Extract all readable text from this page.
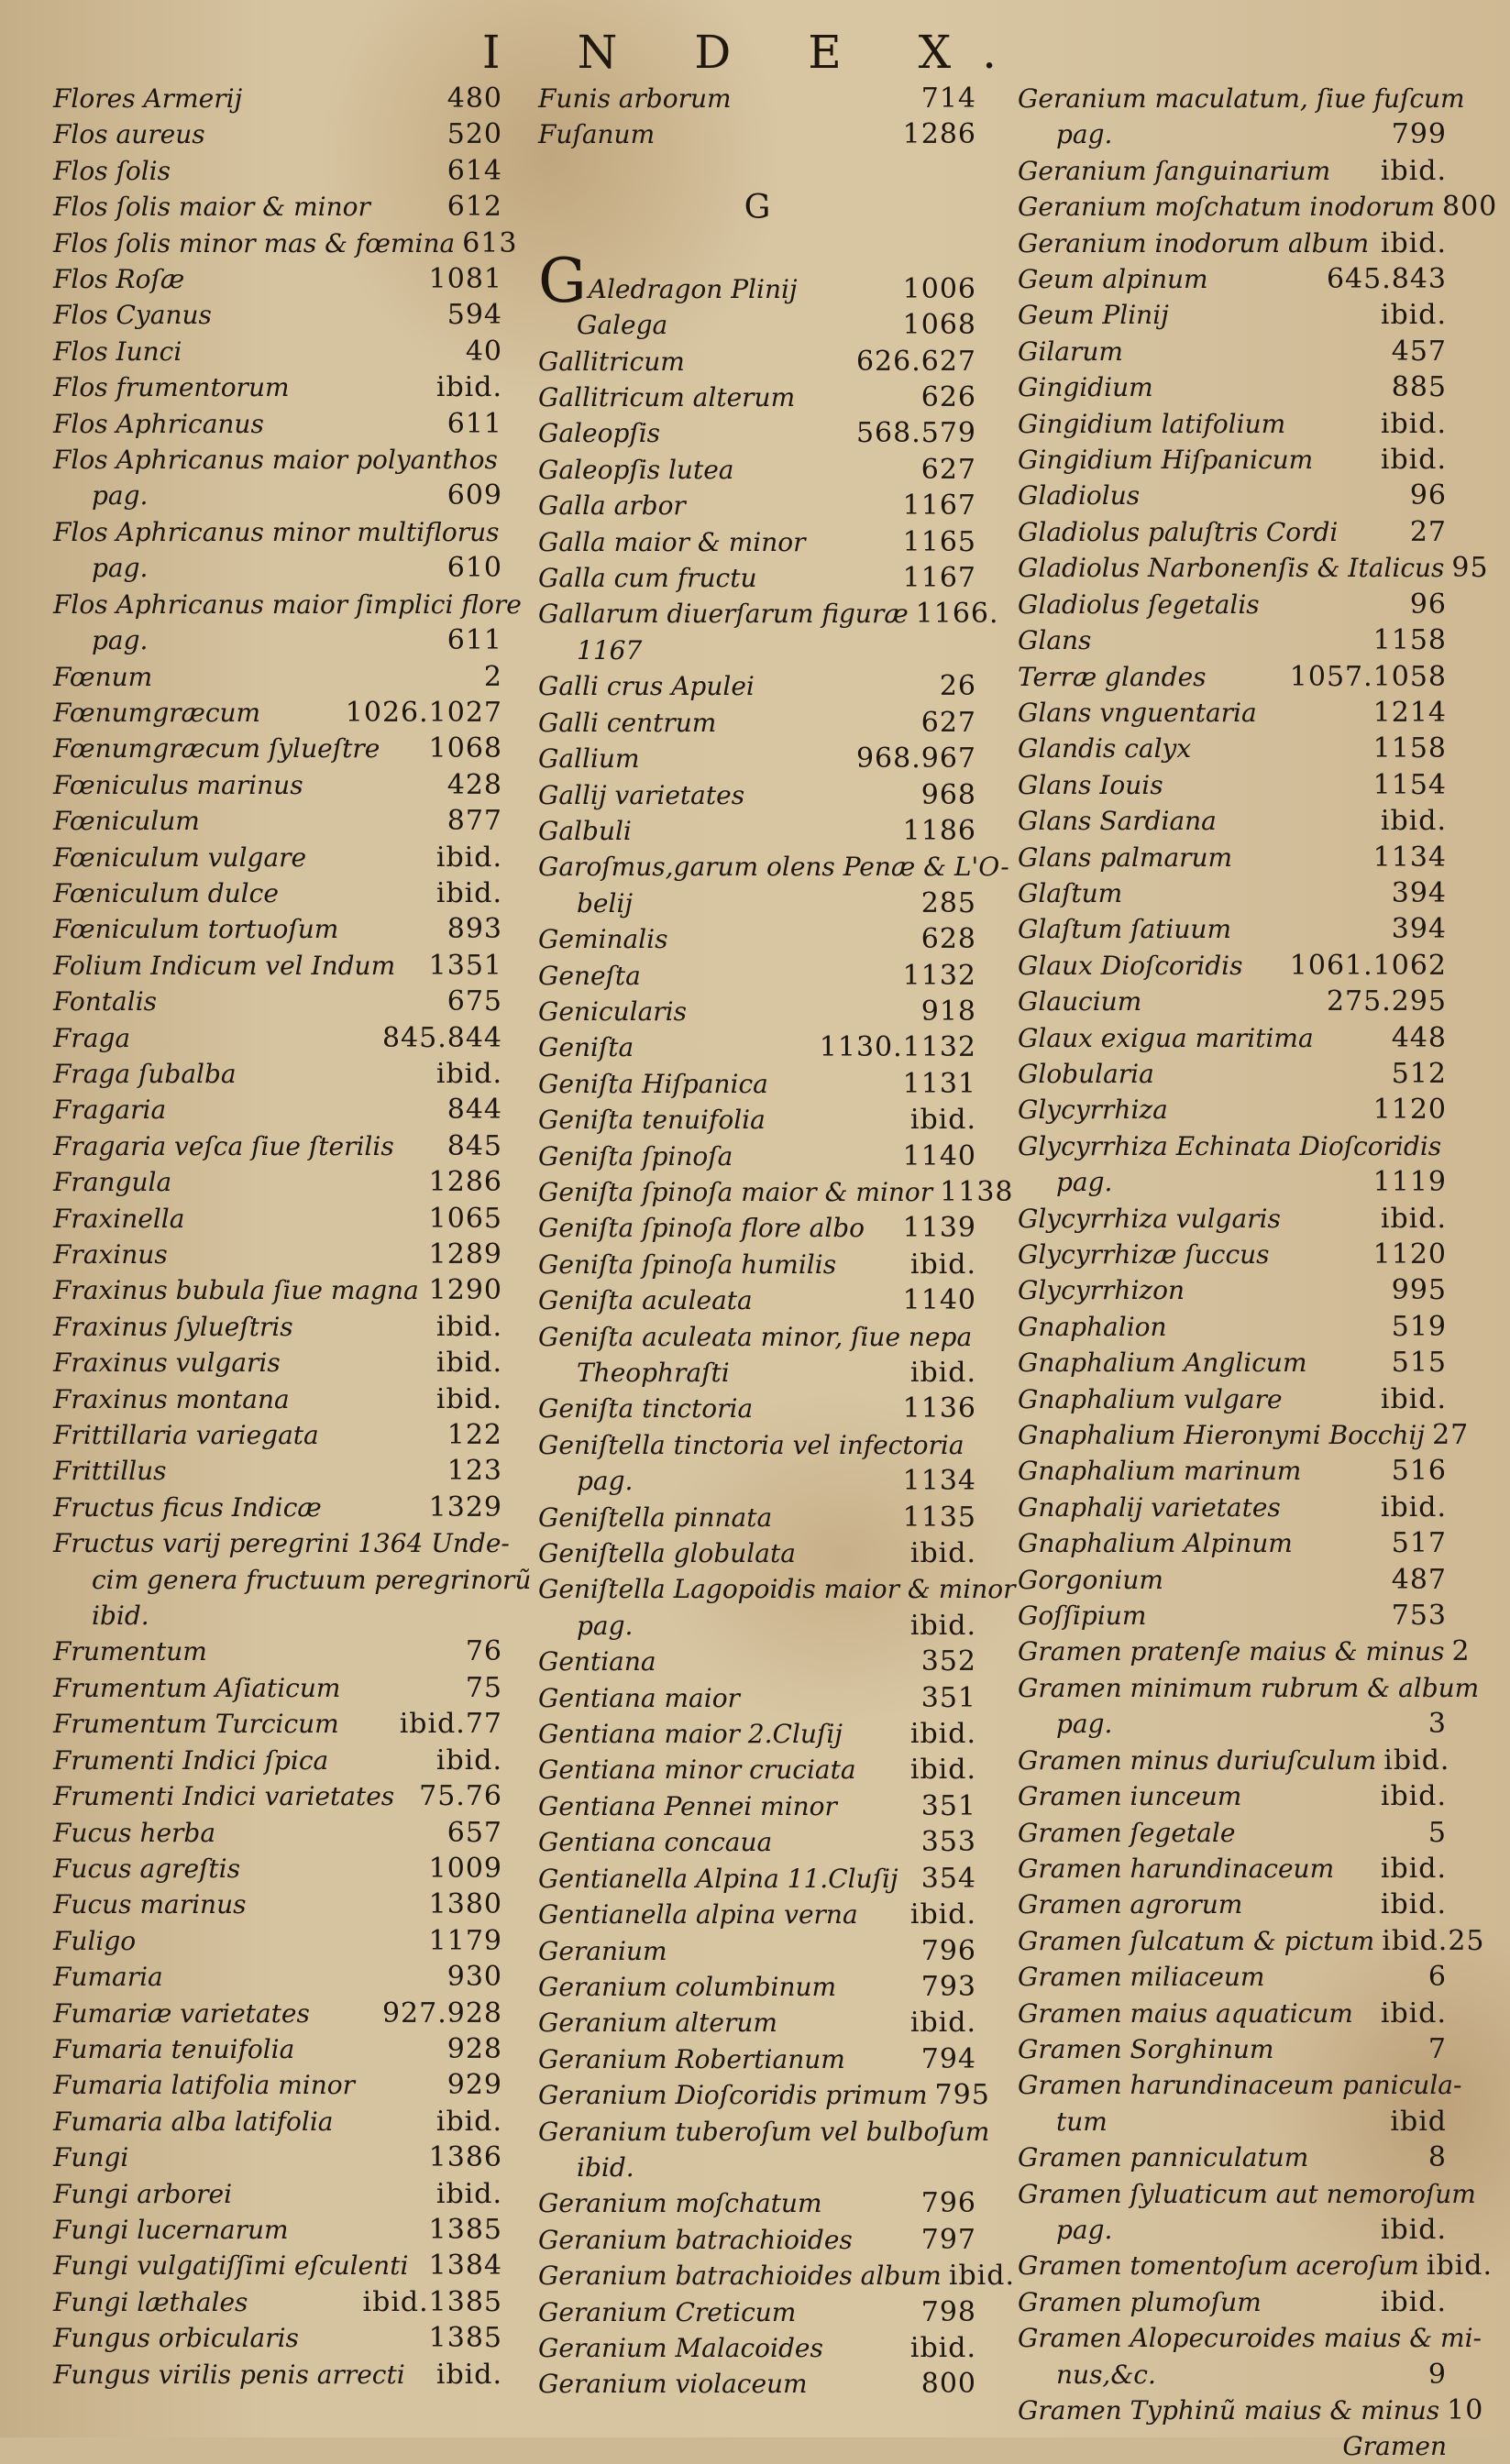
I N D E X.
Flores Armerij	480
Flos aureus	520
Flos ſolis	614
Flos ſolis maior & minor	612
Flos ſolis minor mas & fœmina 613
Flos Roſæ	1081
Flos Cyanus	594
Flos Iunci	40
Flos frumentorum	ibid.
Flos Aphricanus	611
Flos Aphricanus maior polyanthos
pag.	609
Flos Aphricanus minor multiflorus
pag.	610
Flos Aphricanus maior ſimplici flore
pag.	611
Fœnum	2
Fœnumgræcum	1026.1027
Fœnumgræcum ſylueſtre	1068
Fœniculus marinus	428
Fœniculum	877
Fœniculum vulgare	ibid.
Fœniculum dulce	ibid.
Fœniculum tortuoſum	893
Folium Indicum vel Indum	1351
Fontalis	675
Fraga	845.844
Fraga ſubalba	ibid.
Fragaria	844
Fragaria veſca ſiue ſterilis	845
Frangula	1286
Fraxinella	1065
Fraxinus	1289
Fraxinus bubula ſiue magna 1290
Fraxinus ſylueſtris	ibid.
Fraxinus vulgaris	ibid.
Fraxinus montana	ibid.
Frittillaria variegata	122
Frittillus	123
Fructus ficus Indicæ	1329
Fructus varij peregrini 1364 Unde-
cim genera fructuum peregrinorũ
ibid.
Frumentum	76
Frumentum Aſiaticum	75
Frumentum Turcicum	ibid.77
Frumenti Indici ſpica	ibid.
Frumenti Indici varietates 75.76
Fucus herba	657
Fucus agreſtis	1009
Fucus marinus	1380
Fuligo	1179
Fumaria	930
Fumariæ varietates	927.928
Fumaria tenuifolia	928
Fumaria latifolia minor	929
Fumaria alba latifolia	ibid.
Fungi	1386
Fungi arborei	ibid.
Fungi lucernarum	1385
Fungi vulgatiſſimi eſculenti 1384
Fungi læthales	ibid.1385
Fungus orbicularis	1385
Fungus virilis penis arrecti	ibid.
Funis arborum	714
Fuſanum	1286
G
GAledragon Plinij	1006
Galega	1068
Gallitricum	626.627
Gallitricum alterum	626
Galeopſis	568.579
Galeopſis lutea	627
Galla arbor	1167
Galla maior & minor	1165
Galla cum fructu	1167
Gallarum diuerſarum figuræ 1166.
1167
Galli crus Apulei	26
Galli centrum	627
Gallium	968.967
Gallij varietates	968
Galbuli	1186
Garoſmus,garum olens Penæ & L'O-
belij	285
Geminalis	628
Geneſta	1132
Genicularis	918
Geniſta	1130.1132
Geniſta Hiſpanica	1131
Geniſta tenuifolia	ibid.
Geniſta ſpinoſa	1140
Geniſta ſpinoſa maior & minor 1138
Geniſta ſpinoſa flore albo	1139
Geniſta ſpinoſa humilis	ibid.
Geniſta aculeata	1140
Geniſta aculeata minor, ſiue nepa
Theophraſti	ibid.
Geniſta tinctoria	1136
Geniſtella tinctoria vel infectoria
pag.	1134
Geniſtella pinnata	1135
Geniſtella globulata	ibid.
Geniſtella Lagopoidis maior & minor
pag.	ibid.
Gentiana	352
Gentiana maior	351
Gentiana maior 2.Cluſij	ibid.
Gentiana minor cruciata	ibid.
Gentiana Pennei minor	351
Gentiana concaua	353
Gentianella Alpina 11.Cluſij 354
Gentianella alpina verna	ibid.
Geranium	796
Geranium columbinum	793
Geranium alterum	ibid.
Geranium Robertianum	794
Geranium Dioſcoridis primum 795
Geranium tuberoſum vel bulboſum
ibid.
Geranium moſchatum	796
Geranium batrachioides	797
Geranium batrachioides album ibid.
Geranium Creticum	798
Geranium Malacoides	ibid.
Geranium violaceum	800
Geranium maculatum, ſiue fuſcum
pag.	799
Geranium ſanguinarium	ibid.
Geranium moſchatum inodorum 800
Geranium inodorum album ibid.
Geum alpinum	645.843
Geum Plinij	ibid.
Gilarum	457
Gingidium	885
Gingidium latifolium	ibid.
Gingidium Hiſpanicum	ibid.
Gladiolus	96
Gladiolus paluſtris Cordi	27
Gladiolus Narbonenſis & Italicus 95
Gladiolus ſegetalis	96
Glans	1158
Terræ glandes	1057.1058
Glans vnguentaria	1214
Glandis calyx	1158
Glans Iouis	1154
Glans Sardiana	ibid.
Glans palmarum	1134
Glaſtum	394
Glaſtum ſatiuum	394
Glaux Dioſcoridis	1061.1062
Glaucium	275.295
Glaux exigua maritima	448
Globularia	512
Glycyrrhiza	1120
Glycyrrhiza Echinata Dioſcoridis
pag.	1119
Glycyrrhiza vulgaris	ibid.
Glycyrrhizæ ſuccus	1120
Glycyrrhizon	995
Gnaphalion	519
Gnaphalium Anglicum	515
Gnaphalium vulgare	ibid.
Gnaphalium Hieronymi Bocchij 27
Gnaphalium marinum	516
Gnaphalij varietates	ibid.
Gnaphalium Alpinum	517
Gorgonium	487
Goſſipium	753
Gramen pratenſe maius & minus 2
Gramen minimum rubrum & album
pag.	3
Gramen minus duriuſculum ibid.
Gramen iunceum	ibid.
Gramen ſegetale	5
Gramen harundinaceum	ibid.
Gramen agrorum	ibid.
Gramen ſulcatum & pictum ibid.25
Gramen miliaceum	6
Gramen maius aquaticum	ibid.
Gramen Sorghinum	7
Gramen harundinaceum panicula-
tum	ibid
Gramen panniculatum	8
Gramen ſyluaticum aut nemoroſum
pag.	ibid.
Gramen tomentoſum aceroſum ibid.
Gramen plumoſum	ibid.
Gramen Alopecuroides maius & mi-
nus,&c.	9
Gramen Typhinũ maius & minus 10
Gramen
